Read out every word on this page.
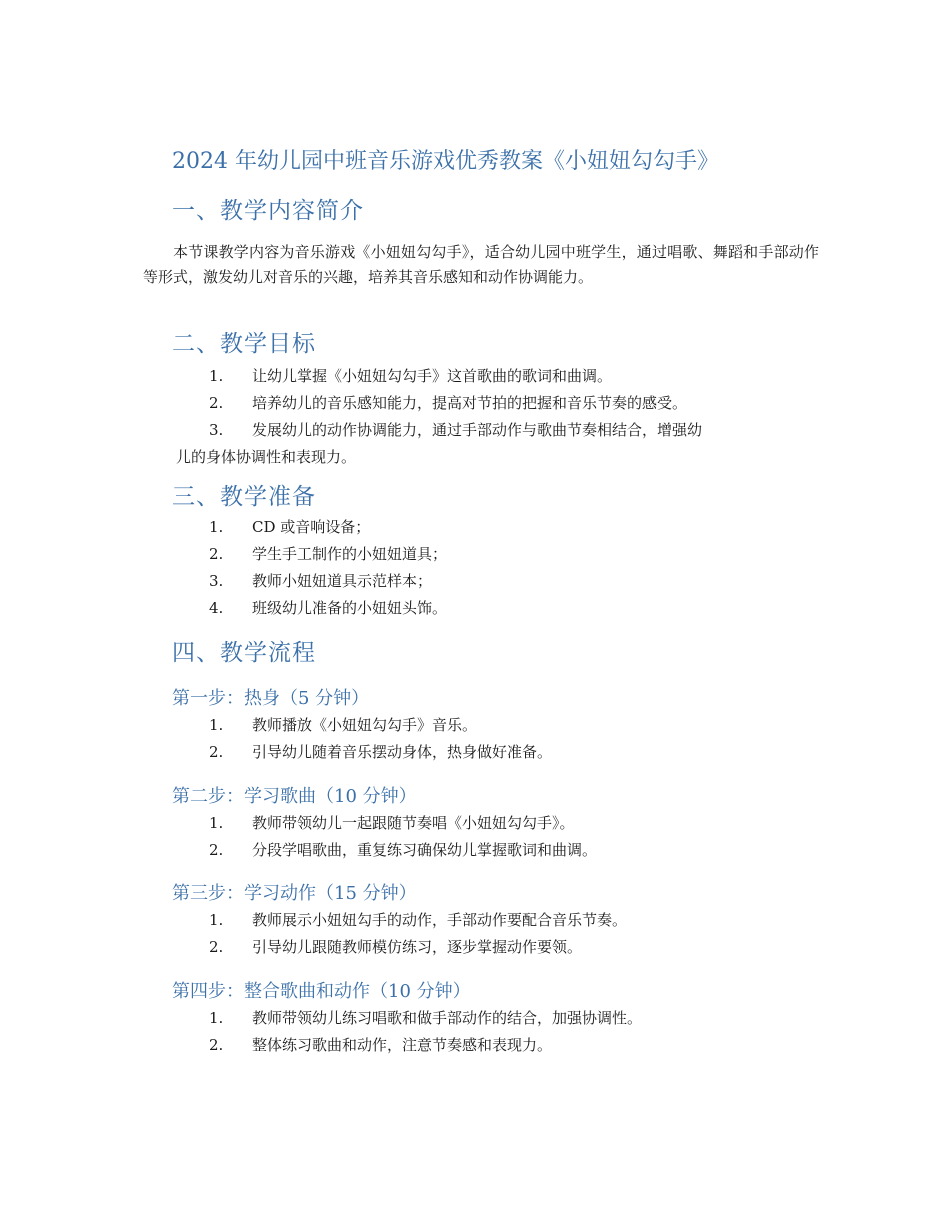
2024 年幼儿园中班音乐游戏优秀教案《小妞妞勾勾手》
一、教学内容简介
本节课教学内容为音乐游戏《小妞妞勾勾手》，适合幼儿园中班学生，通过唱歌、舞蹈和手部动作等形式，激发幼儿对音乐的兴趣，培养其音乐感知和动作协调能力。
二、教学目标
1.	让幼儿掌握《小妞妞勾勾手》这首歌曲的歌词和曲调。
2.	培养幼儿的音乐感知能力，提高对节拍的把握和音乐节奏的感受。
3.	发展幼儿的动作协调能力，通过手部动作与歌曲节奏相结合，增强幼
儿的身体协调性和表现力。
三、教学准备
1.	CD 或音响设备；
2.	学生手工制作的小妞妞道具；
3.	教师小妞妞道具示范样本；
4.	班级幼儿准备的小妞妞头饰。
四、教学流程
第一步：热身（5 分钟）
1.	教师播放《小妞妞勾勾手》音乐。
2.	引导幼儿随着音乐摆动身体，热身做好准备。
第二步：学习歌曲（10 分钟）
1.	教师带领幼儿一起跟随节奏唱《小妞妞勾勾手》。
2.	分段学唱歌曲，重复练习确保幼儿掌握歌词和曲调。
第三步：学习动作（15 分钟）
1.	教师展示小妞妞勾手的动作，手部动作要配合音乐节奏。
2.	引导幼儿跟随教师模仿练习，逐步掌握动作要领。
第四步：整合歌曲和动作（10 分钟）
1.	教师带领幼儿练习唱歌和做手部动作的结合，加强协调性。
2.	整体练习歌曲和动作，注意节奏感和表现力。
